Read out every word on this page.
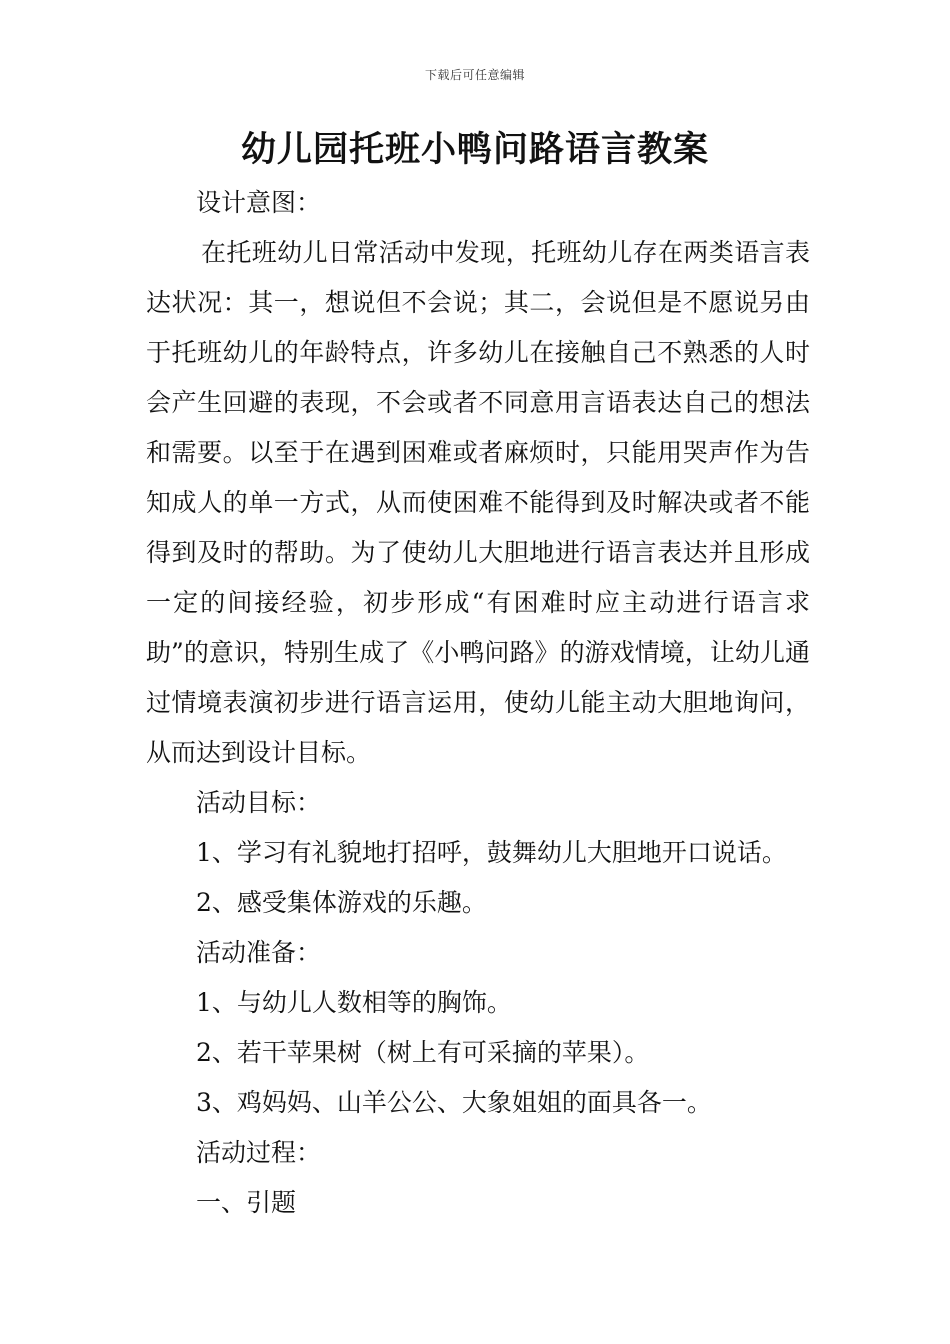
下载后可任意编辑
幼儿园托班小鸭问路语言教案

设计意图：

在托班幼儿日常活动中发现，托班幼儿存在两类语言表达状况：其一，想说但不会说；其二，会说但是不愿说另由于托班幼儿的年龄特点，许多幼儿在接触自己不熟悉的人时会产生回避的表现，不会或者不同意用言语表达自己的想法和需要。以至于在遇到困难或者麻烦时，只能用哭声作为告知成人的单一方式，从而使困难不能得到及时解决或者不能得到及时的帮助。为了使幼儿大胆地进行语言表达并且形成一定的间接经验，初步形成“有困难时应主动进行语言求助”的意识，特别生成了《小鸭问路》的游戏情境，让幼儿通过情境表演初步进行语言运用，使幼儿能主动大胆地询问，从而达到设计目标。

活动目标：

1、学习有礼貌地打招呼，鼓舞幼儿大胆地开口说话。

2、感受集体游戏的乐趣。

活动准备：

1、与幼儿人数相等的胸饰。

2、若干苹果树（树上有可采摘的苹果）。

3、鸡妈妈、山羊公公、大象姐姐的面具各一。

活动过程：

一、引题
